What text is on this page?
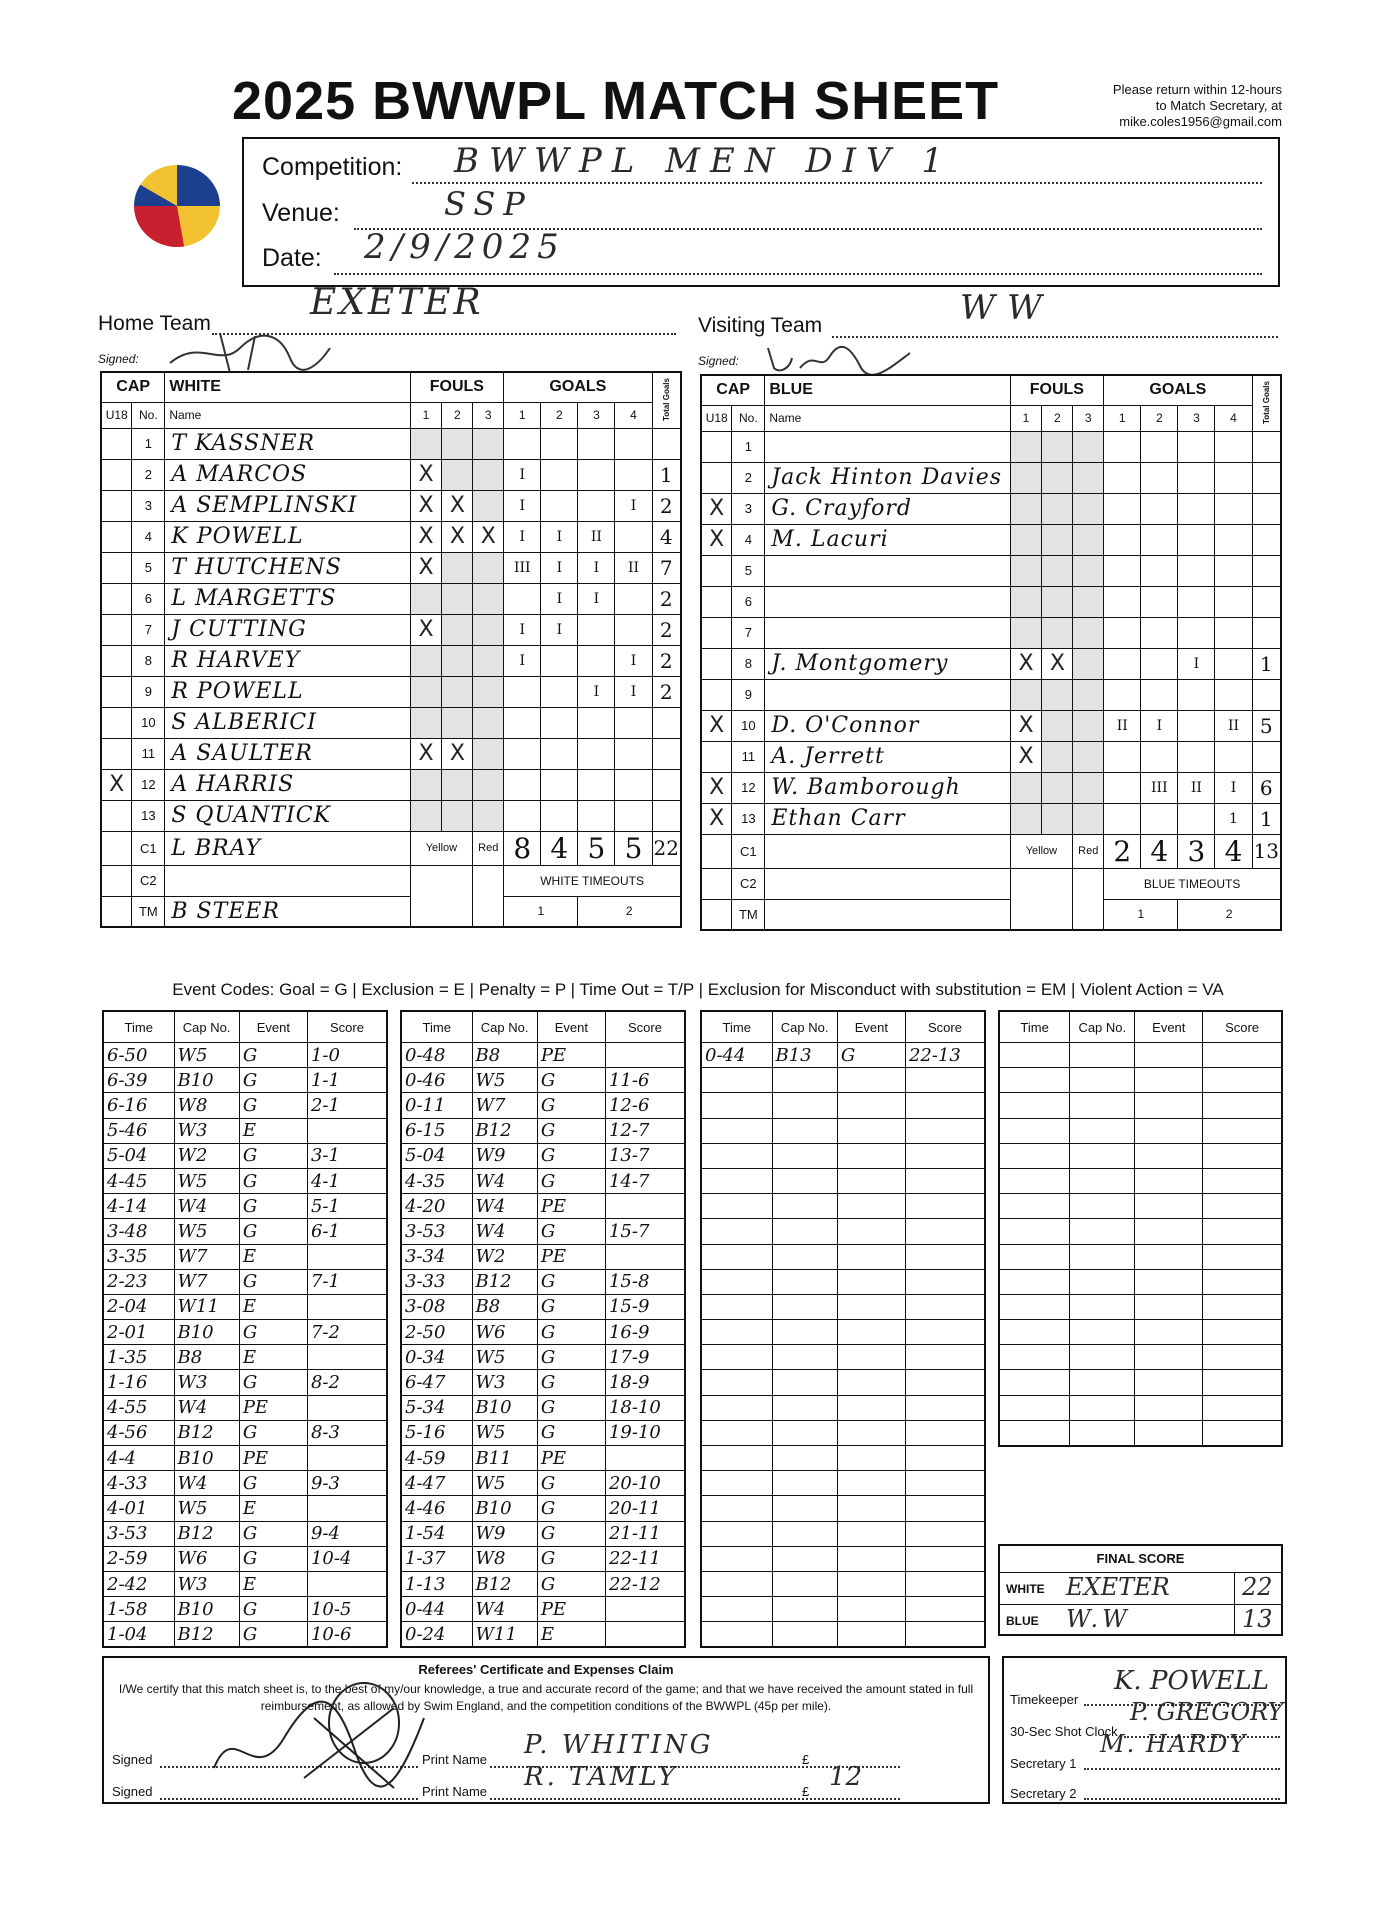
2025 BWWPL MATCH SHEET	Please return within 12-hours
to Match Secretary, at
mike.coles1956@gmail.com
Competition: BWWPL MEN DIV 1
Venue:	SSP
Date: 2/9/2025
Home Team
EXETER
Signed:
Visiting Team	WW
Signed:
CAP		WHITE	FOULS			GOALS				Total Goals
U18	No.	Name	1	2	3	1	2	3	4	
	1	T KASSNER								
	2	A MARCOS	X			I				1
	3	A SEMPLINSKI	X	X		I			I	2
	4	K POWELL	X	X	X	I	I	II		4
	5	T HUTCHENS	X			III	I	I	II	7
	6	L MARGETTS					I	I		2
	7	J CUTTING	X			I	I			2
	8	R HARVEY				I			I	2
	9	R POWELL						I	I	2
	10	S ALBERICI								
	11	A SAULTER	X	X						
X	12	A HARRIS								
	13	S QUANTICK								
	C1	L BRAY	Yellow		Red	8	4	5	5	22
	C2					WHITE TIMEOUTS				
	TM	B STEER				1		2		
CAP		BLUE	FOULS			GOALS				Total Goals
U18	No.	Name	1	2	3	1	2	3	4	
	1									
	2	Jack Hinton Davies								
X	3	G. Crayford								
X	4	M. Lacuri								
	5									
	6									
	7									
	8	J. Montgomery	X	X				I		1
	9									
X	10	D. O'Connor	X			II	I		II	5
	11	A. Jerrett	X							
X	12	W. Bamborough					III	II	I	6
X	13	Ethan Carr							1	1
	C1		Yellow		Red	2	4	3	4	13
	C2					BLUE TIMEOUTS				
	TM					1		2		
Event Codes: Goal = G | Exclusion = E | Penalty = P | Time Out = T/P | Exclusion for Misconduct with substitution = EM | Violent Action = VA
Time	Cap No.	Event	Score
6-50	W5	G	1-0
6-39	B10	G	1-1
6-16	W8	G	2-1
5-46	W3	E	
5-04	W2	G	3-1
4-45	W5	G	4-1
4-14	W4	G	5-1
3-48	W5	G	6-1
3-35	W7	E	
2-23	W7	G	7-1
2-04	W11	E	
2-01	B10	G	7-2
1-35	B8	E	
1-16	W3	G	8-2
4-55	W4	PE	
4-56	B12	G	8-3
4-4	B10	PE	
4-33	W4	G	9-3
4-01	W5	E	
3-53	B12	G	9-4
2-59	W6	G	10-4
2-42	W3	E	
1-58	B10	G	10-5
1-04	B12	G	10-6
Time	Cap No.	Event	Score
0-48	B8	PE	
0-46	W5	G	11-6
0-11	W7	G	12-6
6-15	B12	G	12-7
5-04	W9	G	13-7
4-35	W4	G	14-7
4-20	W4	PE	
3-53	W4	G	15-7
3-34	W2	PE	
3-33	B12	G	15-8
3-08	B8	G	15-9
2-50	W6	G	16-9
0-34	W5	G	17-9
6-47	W3	G	18-9
5-34	B10	G	18-10
5-16	W5	G	19-10
4-59	B11	PE	
4-47	W5	G	20-10
4-46	B10	G	20-11
1-54	W9	G	21-11
1-37	W8	G	22-11
1-13	B12	G	22-12
0-44	W4	PE	
0-24	W11	E	
Time	Cap No.	Event	Score
0-44	B13	G	22-13

Time	Cap No.	Event	Score

FINAL SCORE
WHITE EXETER	22
BLUE W.W	13
Referees' Certificate and Expenses Claim
I/We certify that this match sheet is, to the best of my/our knowledge, a true and accurate record of the game; and that we have received the amount stated in full reimbursement, as allowed by Swim England, and the competition conditions of the BWWPL (45p per mile).
Signed	Print Name P. WHITING	£
Signed	Print Name R. TAMLY	£ 12
Timekeeper
K. POWELL
30-Sec Shot Clock
P. GREGORY
Secretary 1
M. HARDY
Secretary 2
